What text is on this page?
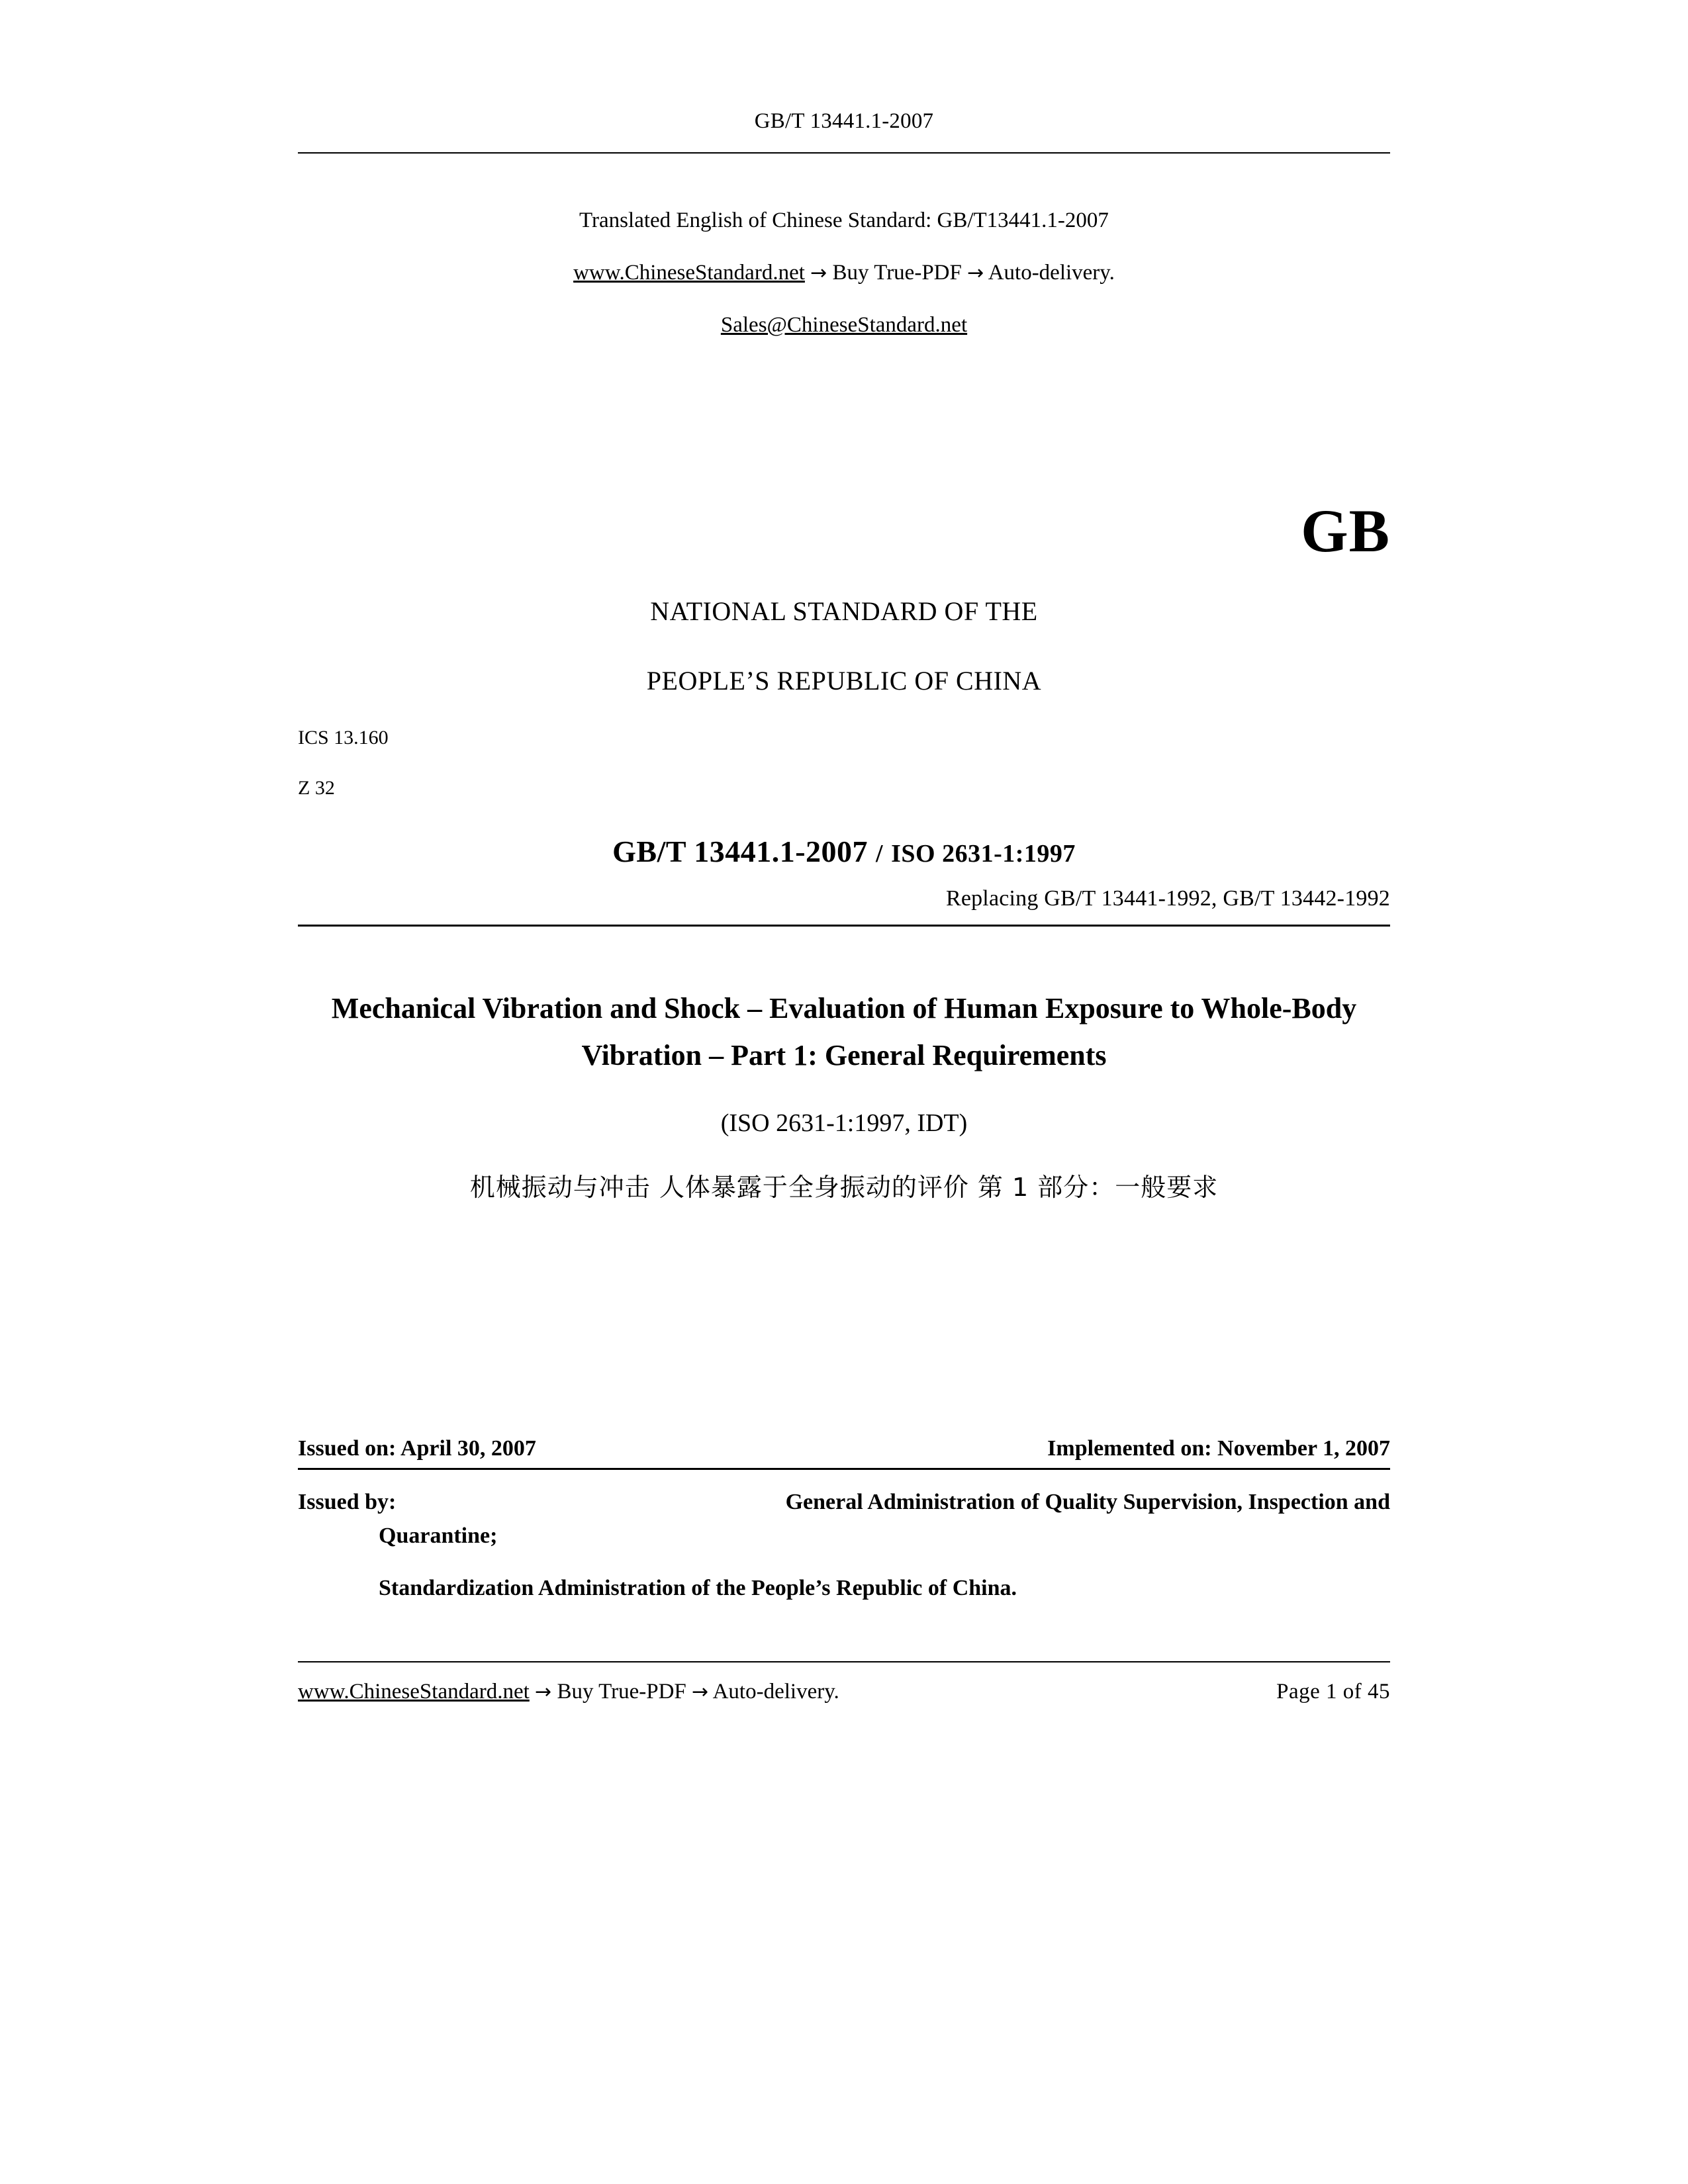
GB/T 13441.1-2007
Translated English of Chinese Standard: GB/T13441.1-2007
www.ChineseStandard.net → Buy True-PDF → Auto-delivery.
Sales@ChineseStandard.net
GB
NATIONAL STANDARD OF THE
PEOPLE’S REPUBLIC OF CHINA
ICS 13.160
Z 32
GB/T 13441.1-2007 / ISO 2631-1:1997
Replacing GB/T 13441-1992, GB/T 13442-1992
Mechanical Vibration and Shock – Evaluation of Human Exposure to Whole-Body Vibration – Part 1: General Requirements
(ISO 2631-1:1997, IDT)
机械振动与冲击 人体暴露于全身振动的评价 第 1 部分：一般要求
Issued on: April 30, 2007	Implemented on: November 1, 2007
Issued by:	General Administration of Quality Supervision, Inspection and
Quarantine;
Standardization Administration of the People’s Republic of China.
www.ChineseStandard.net → Buy True-PDF → Auto-delivery.	Page 1 of 45
